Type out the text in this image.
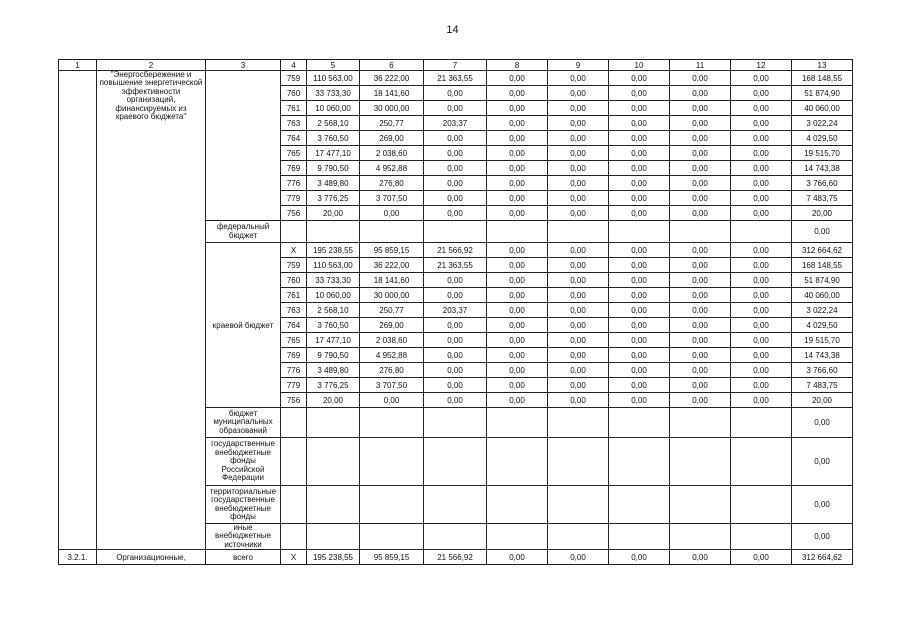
14
1	2	3	4	5	6	7	8	9	10	11	12	13
	"Энергосбережение и повышение энергетической эффективности организаций, финансируемых из краевого бюджета"		759	110 563,00	36 222,00	21 363,55	0,00	0,00	0,00	0,00	0,00	168 148,55
			760	33 733,30	18 141,60	0,00	0,00	0,00	0,00	0,00	0,00	51 874,90
			761	10 060,00	30 000,00	0,00	0,00	0,00	0,00	0,00	0,00	40 060,00
			763	2 568,10	250,77	203,37	0,00	0,00	0,00	0,00	0,00	3 022,24
			764	3 760,50	269,00	0,00	0,00	0,00	0,00	0,00	0,00	4 029,50
			765	17 477,10	2 038,60	0,00	0,00	0,00	0,00	0,00	0,00	19 515,70
			769	9 790,50	4 952,88	0,00	0,00	0,00	0,00	0,00	0,00	14 743,38
			776	3 489,80	276,80	0,00	0,00	0,00	0,00	0,00	0,00	3 766,60
			779	3 776,25	3 707,50	0,00	0,00	0,00	0,00	0,00	0,00	7 483,75
			756	20,00	0,00	0,00	0,00	0,00	0,00	0,00	0,00	20,00
		федеральный бюджет										0,00
		краевой бюджет	X	195 238,55	95 859,15	21 566,92	0,00	0,00	0,00	0,00	0,00	312 664,62
			759	110 563,00	36 222,00	21 363,55	0,00	0,00	0,00	0,00	0,00	168 148,55
			760	33 733,30	18 141,60	0,00	0,00	0,00	0,00	0,00	0,00	51 874,90
			761	10 060,00	30 000,00	0,00	0,00	0,00	0,00	0,00	0,00	40 060,00
			763	2 568,10	250,77	203,37	0,00	0,00	0,00	0,00	0,00	3 022,24
			764	3 760,50	269,00	0,00	0,00	0,00	0,00	0,00	0,00	4 029,50
			765	17 477,10	2 038,60	0,00	0,00	0,00	0,00	0,00	0,00	19 515,70
			769	9 790,50	4 952,88	0,00	0,00	0,00	0,00	0,00	0,00	14 743,38
			776	3 489,80	276,80	0,00	0,00	0,00	0,00	0,00	0,00	3 766,60
			779	3 776,25	3 707,50	0,00	0,00	0,00	0,00	0,00	0,00	7 483,75
			756	20,00	0,00	0,00	0,00	0,00	0,00	0,00	0,00	20,00
		бюджет муниципальных образований										0,00
		государственные внебюджетные фонды Российской Федерации										0,00
		территориальные государственные внебюджетные фонды										0,00
		иные внебюджетные источники										0,00
3.2.1.	Организационные,	всего	X	195 238,55	95 859,15	21 566,92	0,00	0,00	0,00	0,00	0,00	312 664,62
